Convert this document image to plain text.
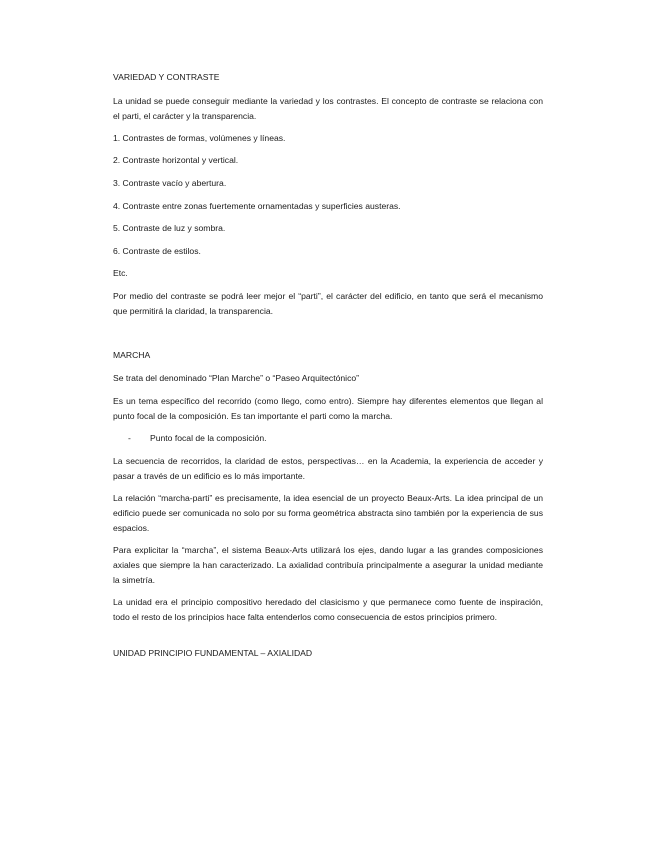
VARIEDAD Y CONTRASTE

La unidad se puede conseguir mediante la variedad y los contrastes. El concepto de contraste se relaciona con el parti, el carácter y la transparencia.

1. Contrastes de formas, volúmenes y líneas.

2. Contraste horizontal y vertical.

3. Contraste vacío y abertura.

4. Contraste entre zonas fuertemente ornamentadas y superficies austeras.

5. Contraste de luz y sombra.

6. Contraste de estilos.

Etc.

Por medio del contraste se podrá leer mejor el “parti”, el carácter del edificio, en tanto que será el mecanismo que permitirá la claridad, la transparencia.

MARCHA

Se trata del denominado “Plan Marche” o “Paseo Arquitectónico”

Es un tema específico del recorrido (como llego, como entro). Siempre hay diferentes elementos que llegan al punto focal de la composición. Es tan importante el parti como la marcha.

- Punto focal de la composición.

La secuencia de recorridos, la claridad de estos, perspectivas… en la Academia, la experiencia de acceder y pasar a través de un edificio es lo más importante.

La relación “marcha-parti” es precisamente, la idea esencial de un proyecto Beaux-Arts. La idea principal de un edificio puede ser comunicada no solo por su forma geométrica abstracta sino también por la experiencia de sus espacios.

Para explicitar la “marcha”, el sistema Beaux-Arts utilizará los ejes, dando lugar a las grandes composiciones axiales que siempre la han caracterizado. La axialidad contribuía principalmente a asegurar la unidad mediante la simetría.

La unidad era el principio compositivo heredado del clasicismo y que permanece como fuente de inspiración, todo el resto de los principios hace falta entenderlos como consecuencia de estos principios primero.

UNIDAD PRINCIPIO FUNDAMENTAL – AXIALIDAD
